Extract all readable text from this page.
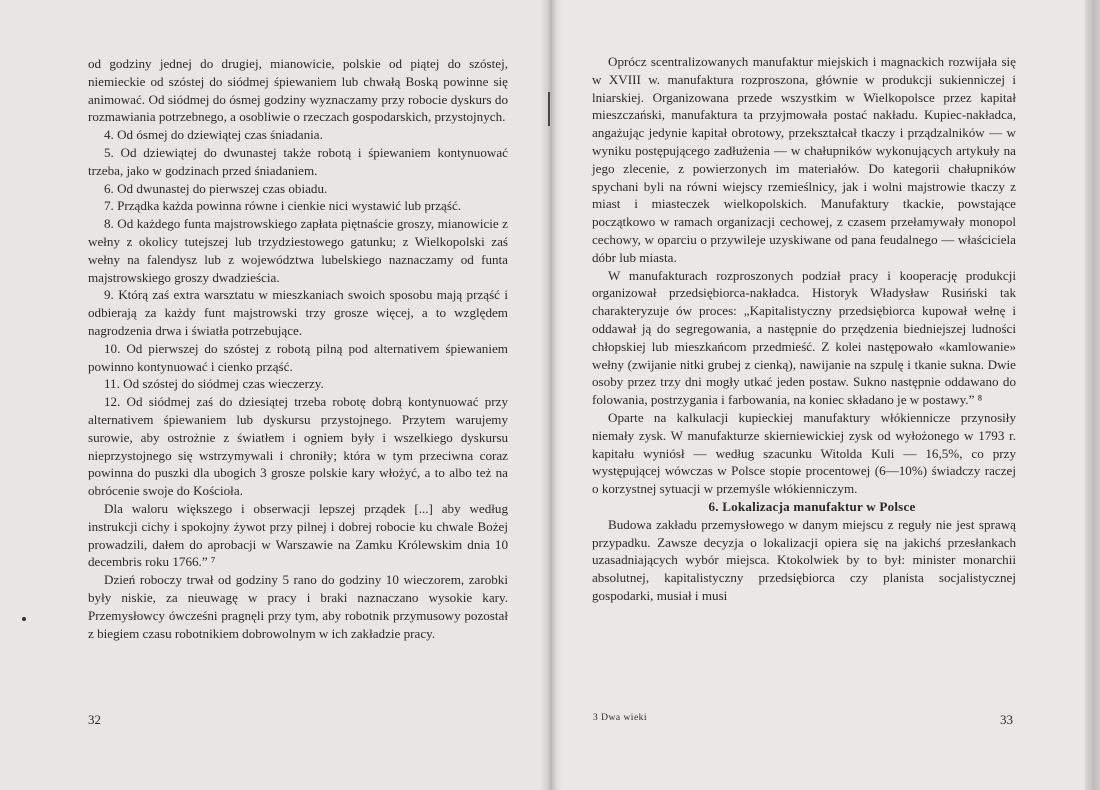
od godziny jednej do drugiej, mianowicie, polskie od piątej do szóstej, niemieckie od szóstej do siódmej śpiewaniem lub chwałą Boską powinne się animować. Od siódmej do ósmej godziny wyznaczamy przy robocie dyskurs do rozmawiania potrzebnego, a osobliwie o rzeczach gospodarskich, przystojnych.

4. Od ósmej do dziewiątej czas śniadania.

5. Od dziewiątej do dwunastej także robotą i śpiewaniem kontynuować trzeba, jako w godzinach przed śniadaniem.

6. Od dwunastej do pierwszej czas obiadu.

7. Prządka każda powinna równe i cienkie nici wystawić lub prząść.

8. Od każdego funta majstrowskiego zapłata piętnaście groszy, mianowicie z wełny z okolicy tutejszej lub trzydziestowego gatunku; z Wielkopolski zaś wełny na falendysz lub z województwa lubelskiego naznaczamy od funta majstrowskiego groszy dwadzieścia.

9. Którą zaś extra warsztatu w mieszkaniach swoich sposobu mają prząść i odbierają za każdy funt majstrowski trzy grosze więcej, a to względem nagrodzenia drwa i światła potrzebujące.

10. Od pierwszej do szóstej z robotą pilną pod alternativem śpiewaniem powinno kontynuować i cienko prząść.

11. Od szóstej do siódmej czas wieczerzy.

12. Od siódmej zaś do dziesiątej trzeba robotę dobrą kontynuować przy alternativem śpiewaniem lub dyskursu przystojnego. Przytem warujemy surowie, aby ostrożnie z światłem i ogniem były i wszelkiego dyskursu nieprzystojnego się wstrzymywali i chroniły; która w tym przeciwna coraz powinna do puszki dla ubogich 3 grosze polskie kary włożyć, a to albo też na obrócenie swoje do Kościoła.

Dla waloru większego i obserwacji lepszej prządek [...] aby według instrukcji cichy i spokojny żywot przy pilnej i dobrej robocie ku chwale Bożej prowadzili, dałem do aprobacji w Warszawie na Zamku Królewskim dnia 10 decembris roku 1766.” ⁷

Dzień roboczy trwał od godziny 5 rano do godziny 10 wieczorem, zarobki były niskie, za nieuwagę w pracy i braki naznaczano wysokie kary. Przemysłowcy ówcześni pragnęli przy tym, aby robotnik przymusowy pozostał z biegiem czasu robotnikiem dobrowolnym w ich zakładzie pracy.

32

Oprócz scentralizowanych manufaktur miejskich i magnackich rozwijała się w XVIII w. manufaktura rozproszona, głównie w produkcji sukienniczej i lniarskiej. Organizowana przede wszystkim w Wielkopolsce przez kapitał mieszczański, manufaktura ta przyjmowała postać nakładu. Kupiec-nakładca, angażując jedynie kapitał obrotowy, przekształcał tkaczy i prządzalników — w wyniku postępującego zadłużenia — w chałupników wykonujących artykuły na jego zlecenie, z powierzonych im materiałów. Do kategorii chałupników spychani byli na równi wiejscy rzemieślnicy, jak i wolni majstrowie tkaczy z miast i miasteczek wielkopolskich. Manufaktury tkackie, powstające początkowo w ramach organizacji cechowej, z czasem przełamywały monopol cechowy, w oparciu o przywileje uzyskiwane od pana feudalnego — właściciela dóbr lub miasta.

W manufakturach rozproszonych podział pracy i kooperację produkcji organizował przedsiębiorca-nakładca. Historyk Władysław Rusiński tak charakteryzuje ów proces: „Kapitalistyczny przedsiębiorca kupował wełnę i oddawał ją do segregowania, a następnie do przędzenia biedniejszej ludności chłopskiej lub mieszkańcom przedmieść. Z kolei następowało «kamlowanie» wełny (zwijanie nitki grubej z cienką), nawijanie na szpulę i tkanie sukna. Dwie osoby przez trzy dni mogły utkać jeden postaw. Sukno następnie oddawano do folowania, postrzygania i farbowania, na koniec składano je w postawy.” ⁸

Oparte na kalkulacji kupieckiej manufaktury włókiennicze przynosiły niemały zysk. W manufakturze skierniewickiej zysk od wyłożonego w 1793 r. kapitału wyniósł — według szacunku Witolda Kuli — 16,5%, co przy występującej wówczas w Polsce stopie procentowej (6—10%) świadczy raczej o korzystnej sytuacji w przemyśle włókienniczym.

6. Lokalizacja manufaktur w Polsce

Budowa zakładu przemysłowego w danym miejscu z reguły nie jest sprawą przypadku. Zawsze decyzja o lokalizacji opiera się na jakichś przesłankach uzasadniających wybór miejsca. Ktokolwiek by to był: minister monarchii absolutnej, kapitalistyczny przedsiębiorca czy planista socjalistycznej gospodarki, musiał i musi

3 Dwa wieki	33
